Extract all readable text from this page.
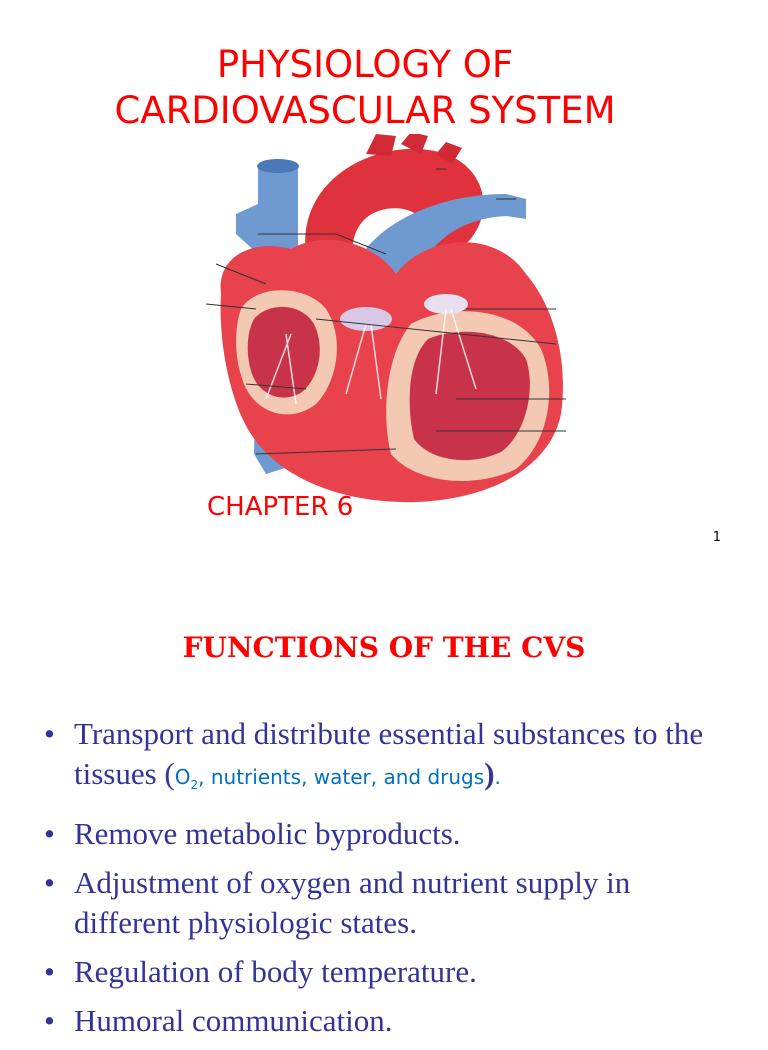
PHYSIOLOGY OF
CARDIOVASCULAR SYSTEM
CHAPTER 6
1
FUNCTIONS OF THE CVS
• Transport and distribute essential substances to the tissues ($O_2$, nutrients, water, and drugs).
• Remove metabolic byproducts.
• Adjustment of oxygen and nutrient supply in different physiologic states.
• Regulation of body temperature.
• Humoral communication.
